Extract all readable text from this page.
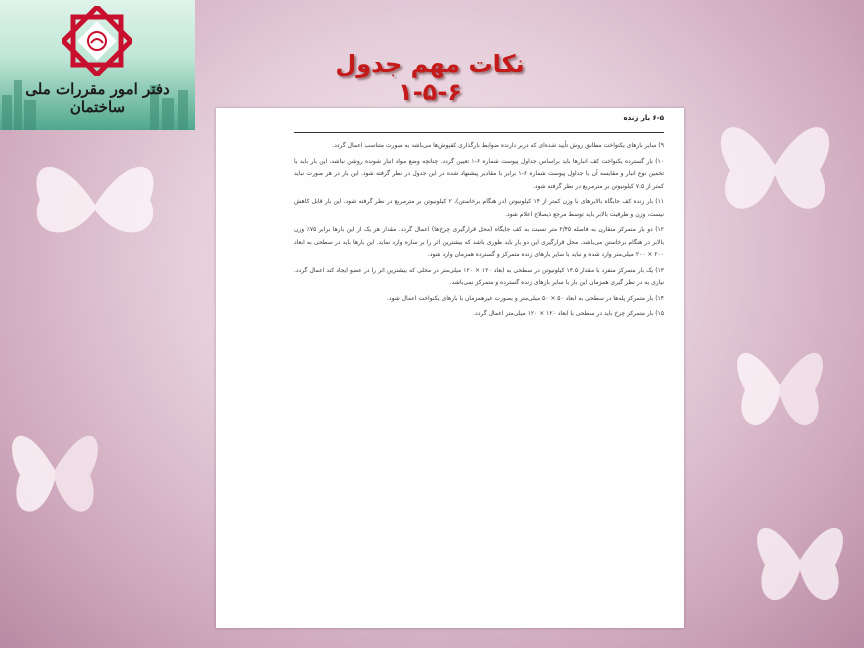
دفتر امور مقررات ملی ساختمان
نکات مهم جدول ۶-۵-۱
۶-۵ بار زنده

۹) سایر بارهای یکنواخت مطابق روش تأیید شده‌ای که دربر دارنده ضوابط بارگذاری کفپوش‌ها می‌باشد به صورت متناسب اعمال گردد.

۱۰) بار گسترده یکنواخت کف انبارها باید براساس جداول پیوست شماره ۶-۱ تعیین گردد. چنانچه وضع مواد انبار شونده روشن نباشد، این بار باید با تخمین نوع انبار و مقایسه آن با جداول پیوست شماره ۶-۱ برابر با مقادیر پیشنهاد شده در این جدول در نظر گرفته شود. این بار در هر صورت نباید کمتر از ۷.۵ کیلونیوتن بر مترمربع در نظر گرفته شود.

۱۱) بار زنده کف جایگاه بالابرهای با وزن کمتر از ۱۴ کیلونیوتن (در هنگام برخاستن)، ۲ کیلونیوتن بر مترمربع در نظر گرفته شود. این بار قابل کاهش نیست، وزن و ظرفیت بالابر باید توسط مرجع ذیصلاح اعلام شود.

۱۲) دو بار متمرکز متقارن به فاصله ۲/۴۵ متر نسبت به کف جایگاه (محل قرارگیری چرخ‌ها) اعمال گردد. مقدار هر یک از این بارها برابر ۷۵٪ وزن بالابر در هنگام برخاستن می‌باشد. محل قرارگیری این دو بار باید طوری باشد که بیشترین اثر را بر سازه وارد نماید. این بارها باید در سطحی به ابعاد ۲۰۰ × ۲۰۰ میلی‌متر وارد شده و نباید با سایر بارهای زنده متمرکز و گسترده همزمان وارد شود.

۱۳) یک بار متمرکز منفرد با مقدار ۱۳.۵ کیلونیوتن در سطحی به ابعاد ۱۲۰ × ۱۲۰ میلی‌متر در محلی که بیشترین اثر را در عضو ایجاد کند اعمال گردد. نیازی به در نظر گیری همزمان این بار با سایر بارهای زنده گسترده و متمرکز نمی‌باشد.

۱۴) بار متمرکز پله‌ها در سطحی به ابعاد ۵۰ × ۵۰ میلی‌متر و بصورت غیرهمزمان با بارهای یکنواخت اعمال شود.

۱۵) بار متمرکز چرخ باید در سطحی با ابعاد ۱۲۰ × ۱۲۰ میلی‌متر اعمال گردد.
